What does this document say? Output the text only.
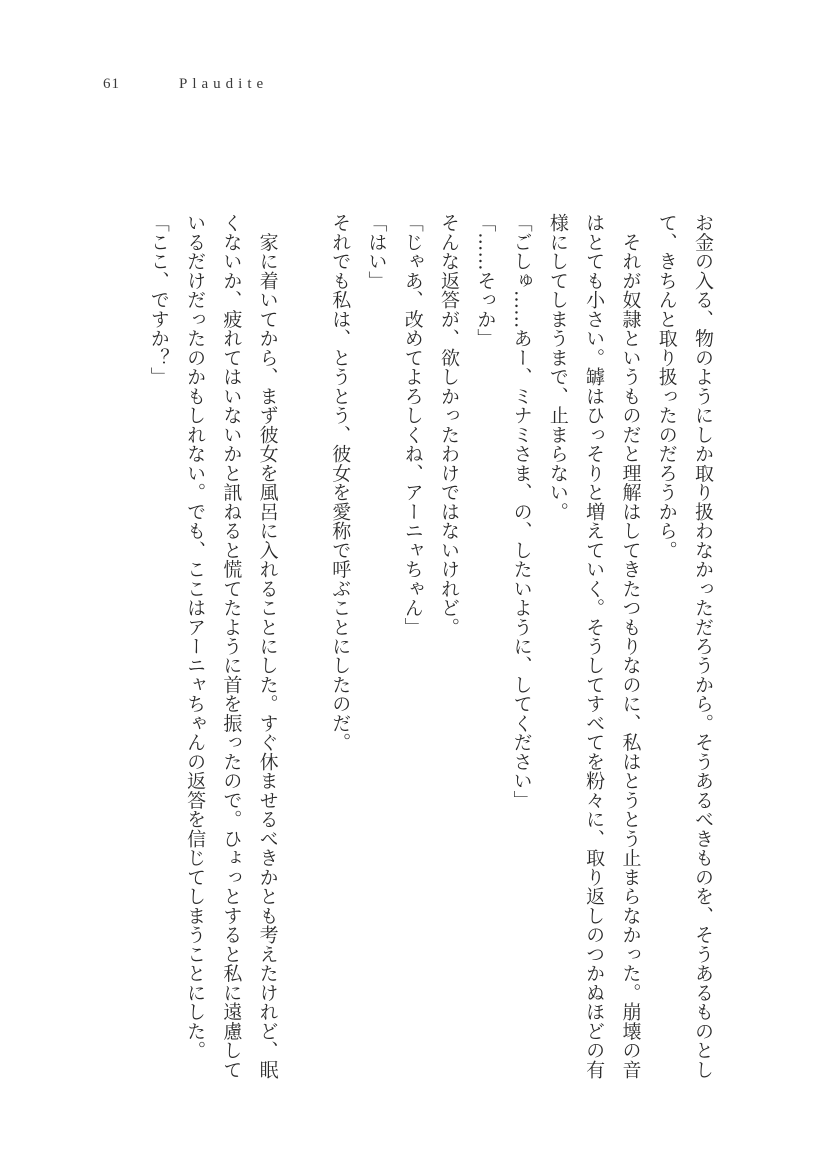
61	Plaudite

お金の入る、物のようにしか取り扱わなかっただろうから。そうあるべきものを、そうあるものとして、きちんと取り扱ったのだろうから。

　それが奴隷というものだと理解はしてきたつもりなのに、私はとうとう止まらなかった。崩壊の音はとても小さい。罅はひっそりと増えていく。そうしてすべてを粉々に、取り返しのつかぬほどの有様にしてしまうまで、止まらない。

「ごしゅ……あー、ミナミさま、の、したいように、してください」

「……そっか」

そんな返答が、欲しかったわけではないけれど。

「じゃあ、改めてよろしくね、アーニャちゃん」

「はい」

それでも私は、とうとう、彼女を愛称で呼ぶことにしたのだ。

　家に着いてから、まず彼女を風呂に入れることにした。すぐ休ませるべきかとも考えたけれど、眠くないか、疲れてはいないかと訊ねると慌てたように首を振ったので。ひょっとすると私に遠慮しているだけだったのかもしれない。でも、ここはアーニャちゃんの返答を信じてしまうことにした。

「ここ、ですか？」
